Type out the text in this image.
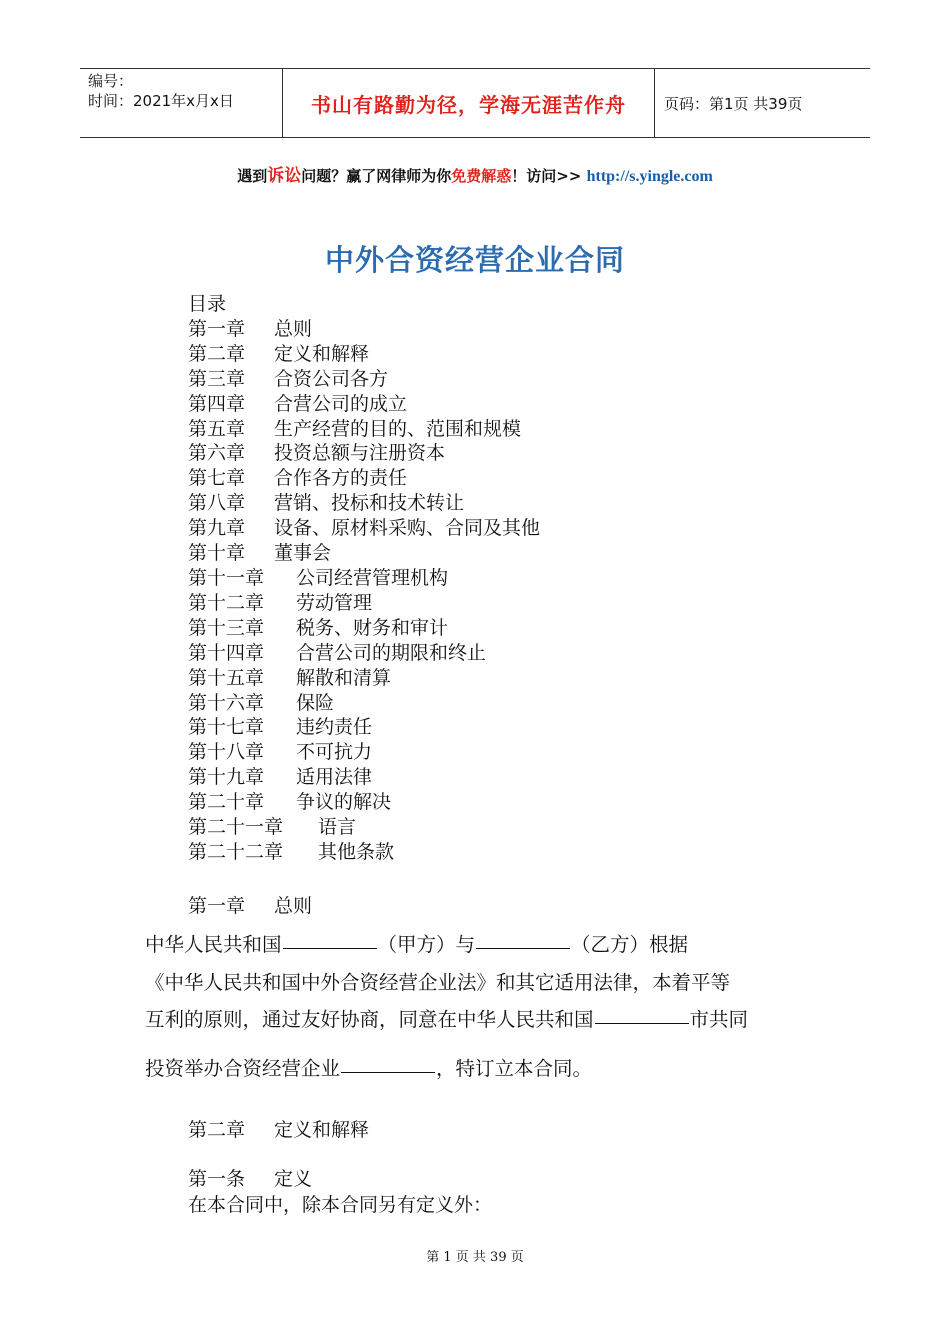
编号：
时间：2021年x月x日	书山有路勤为径，学海无涯苦作舟	页码：第1页 共39页
遇到诉讼问题？赢了网律师为你免费解惑！访问>> http://s.yingle.com
中外合资经营企业合同
目录
第一章 总则
第二章 定义和解释
第三章 合资公司各方
第四章 合营公司的成立
第五章 生产经营的目的、范围和规模
第六章 投资总额与注册资本
第七章 合作各方的责任
第八章 营销、投标和技术转让
第九章 设备、原材料采购、合同及其他
第十章 董事会
第十一章 公司经营管理机构
第十二章 劳动管理
第十三章 税务、财务和审计
第十四章 合营公司的期限和终止
第十五章 解散和清算
第十六章 保险
第十七章 违约责任
第十八章 不可抗力
第十九章 适用法律
第二十章 争议的解决
第二十一章 语言
第二十二章 其他条款
第一章 总则
中华人民共和国	（甲方）与	（乙方）根据
《中华人民共和国中外合资经营企业法》和其它适用法律，本着平等
互利的原则，通过友好协商，同意在中华人民共和国	市共同
投资举办合资经营企业	，特订立本合同。
第二章 定义和解释
第一条 定义
在本合同中，除本合同另有定义外：
第 1 页 共 39 页
